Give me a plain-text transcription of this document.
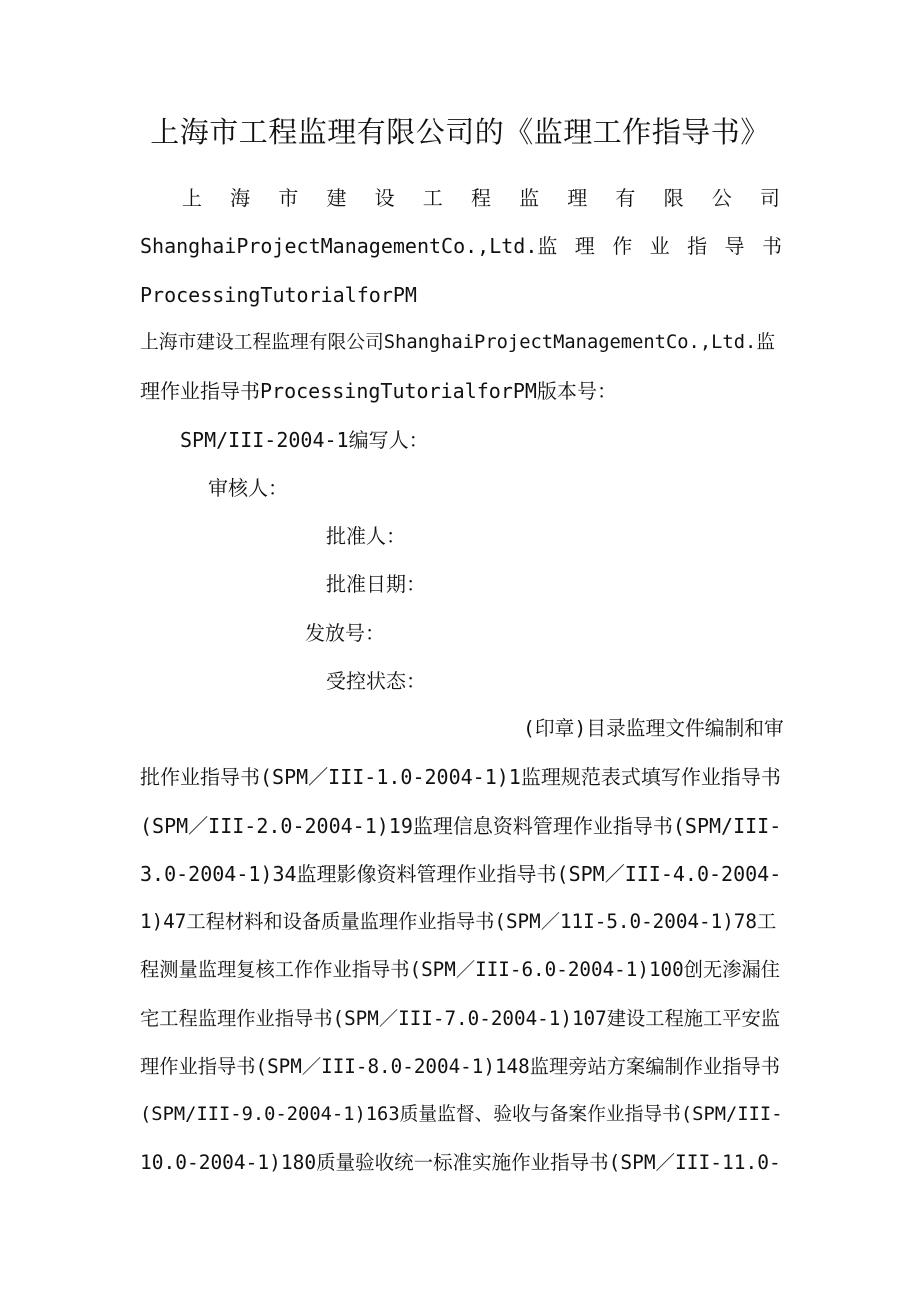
上海市工程监理有限公司的《监理工作指导书》
上 海 市 建 设 工 程 监 理 有 限 公 司
ShanghaiProjectManagementCo.,Ltd. 监 理 作 业 指 导 书
ProcessingTutorialforPM
上海市建设工程监理有限公司ShanghaiProjectManagementCo.,Ltd.监
理作业指导书ProcessingTutorialforPM版本号：
SPM/III-2004-1编写人：
审核人：
批准人：
批准日期：
发放号：
受控状态：
(印章)目录监理文件编制和审
批作业指导书(SPM／III-1.0-2004-1)1监理规范表式填写作业指导书
(SPM／III-2.0-2004-1)19监理信息资料管理作业指导书(SPM/III-
3.0-2004-1)34监理影像资料管理作业指导书(SPM／III-4.0-2004-
1)47工程材料和设备质量监理作业指导书(SPM／11I-5.0-2004-1)78工
程测量监理复核工作作业指导书(SPM／III-6.0-2004-1)100创无渗漏住
宅工程监理作业指导书(SPM／III-7.0-2004-1)107建设工程施工平安监
理作业指导书(SPM／III-8.0-2004-1)148监理旁站方案编制作业指导书
(SPM/III-9.0-2004-1)163质量监督、验收与备案作业指导书(SPM/III-
10.0-2004-1)180质量验收统一标准实施作业指导书(SPM／III-11.0-
